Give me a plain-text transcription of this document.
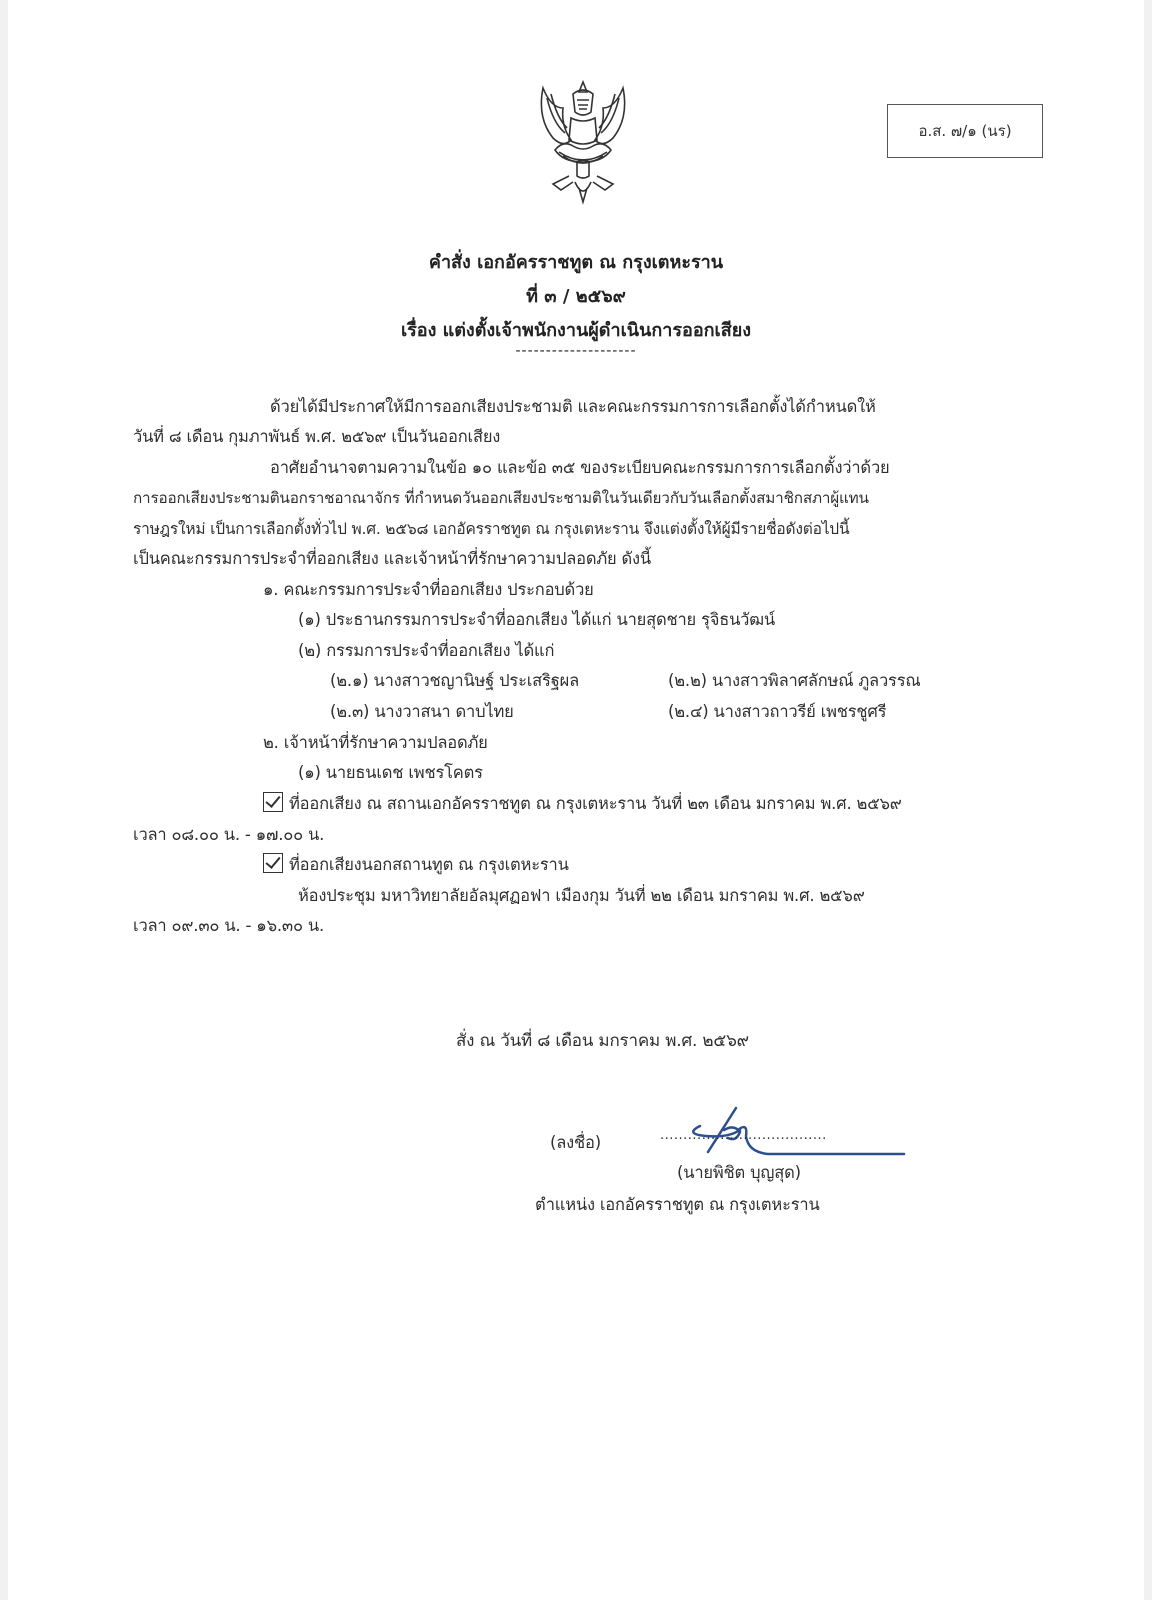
อ.ส. ๗/๑ (นร)
คำสั่ง เอกอัครราชทูต ณ กรุงเตหะราน
ที่ ๓ / ๒๕๖๙
เรื่อง แต่งตั้งเจ้าพนักงานผู้ดำเนินการออกเสียง
--------------------
ด้วยได้มีประกาศให้มีการออกเสียงประชามติ และคณะกรรมการการเลือกตั้งได้กำหนดให้
วันที่ ๘ เดือน กุมภาพันธ์ พ.ศ. ๒๕๖๙ เป็นวันออกเสียง
อาศัยอำนาจตามความในข้อ ๑๐ และข้อ ๓๕ ของระเบียบคณะกรรมการการเลือกตั้งว่าด้วย
การออกเสียงประชามตินอกราชอาณาจักร ที่กำหนดวันออกเสียงประชามติในวันเดียวกับวันเลือกตั้งสมาชิกสภาผู้แทน
ราษฎรใหม่ เป็นการเลือกตั้งทั่วไป พ.ศ. ๒๕๖๘ เอกอัครราชทูต ณ กรุงเตหะราน จึงแต่งตั้งให้ผู้มีรายชื่อดังต่อไปนี้
เป็นคณะกรรมการประจำที่ออกเสียง และเจ้าหน้าที่รักษาความปลอดภัย ดังนี้
๑. คณะกรรมการประจำที่ออกเสียง ประกอบด้วย
(๑) ประธานกรรมการประจำที่ออกเสียง ได้แก่ นายสุดชาย รุจิธนวัฒน์
(๒) กรรมการประจำที่ออกเสียง ได้แก่
(๒.๑) นางสาวชญานิษฐ์ ประเสริฐผล	(๒.๒) นางสาวพิลาศลักษณ์ ภูลวรรณ
(๒.๓) นางวาสนา ดาบไทย	(๒.๔) นางสาวถาวรีย์ เพชรชูศรี
๒. เจ้าหน้าที่รักษาความปลอดภัย
(๑) นายธนเดช เพชรโคตร
ที่ออกเสียง ณ สถานเอกอัครราชทูต ณ กรุงเตหะราน วันที่ ๒๓ เดือน มกราคม พ.ศ. ๒๕๖๙
เวลา ๐๘.๐๐ น. - ๑๗.๐๐ น.
ที่ออกเสียงนอกสถานทูต ณ กรุงเตหะราน
ห้องประชุม มหาวิทยาลัยอัลมุศฏอฟา เมืองกุม วันที่ ๒๒ เดือน มกราคม พ.ศ. ๒๕๖๙
เวลา ๐๙.๓๐ น. - ๑๖.๓๐ น.
สั่ง ณ วันที่ ๘ เดือน มกราคม พ.ศ. ๒๕๖๙
(ลงชื่อ)	....................................
(นายพิชิต บุญสุด)
ตำแหน่ง เอกอัครราชทูต ณ กรุงเตหะราน
